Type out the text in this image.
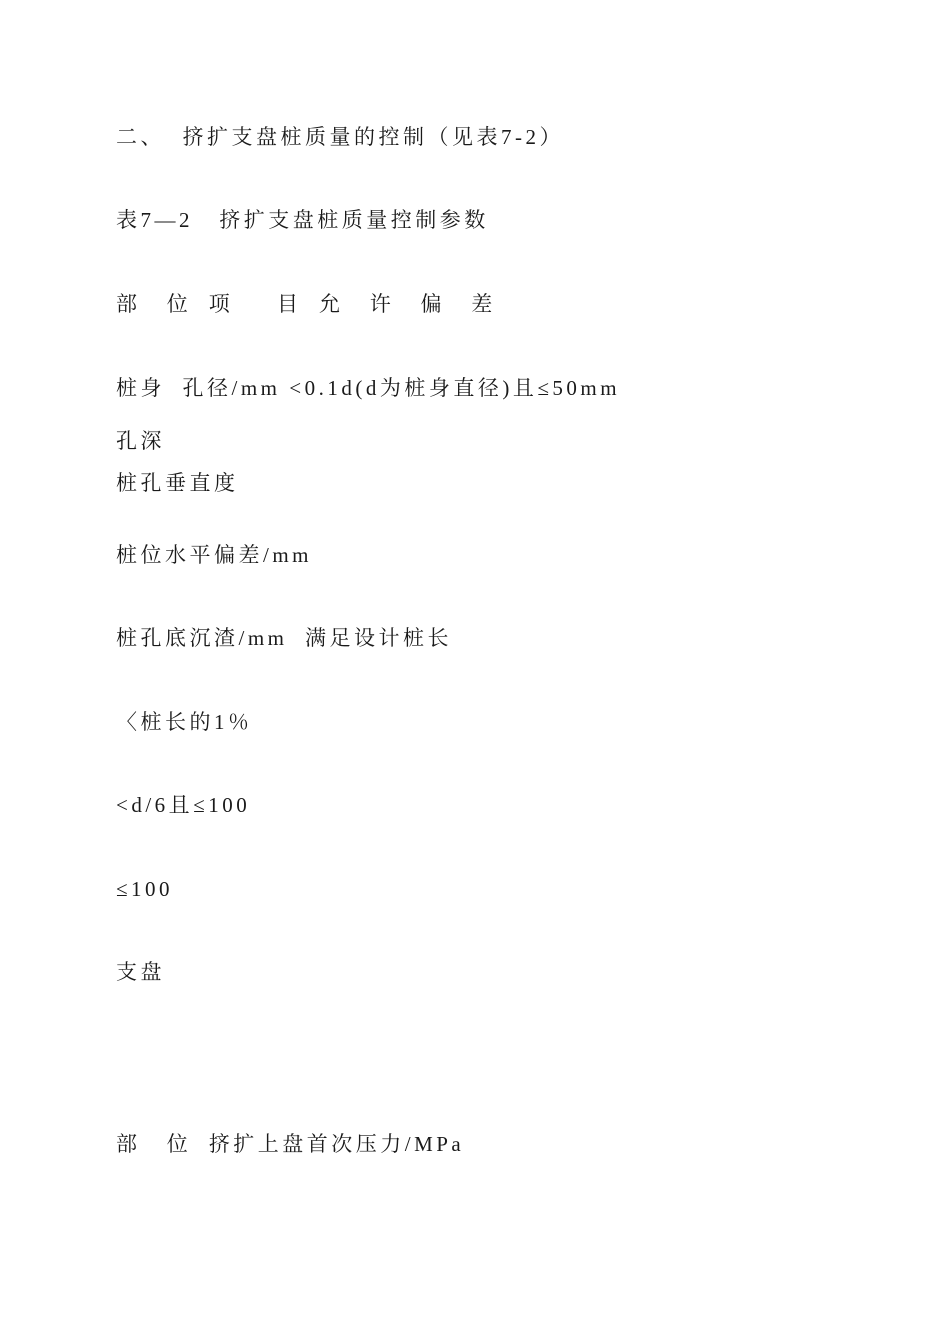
二、  挤扩支盘桩质量的控制（见表7-2）
表7—2   挤扩支盘桩质量控制参数
部   位  项     目  允   许   偏   差
桩身  孔径/mm <0.1d(d为桩身直径)且≤50mm
孔深
桩孔垂直度
桩位水平偏差/mm
桩孔底沉渣/mm  满足设计桩长
〈桩长的1％
<d/6且≤100
≤100
支盘
部   位  挤扩上盘首次压力/MPa
